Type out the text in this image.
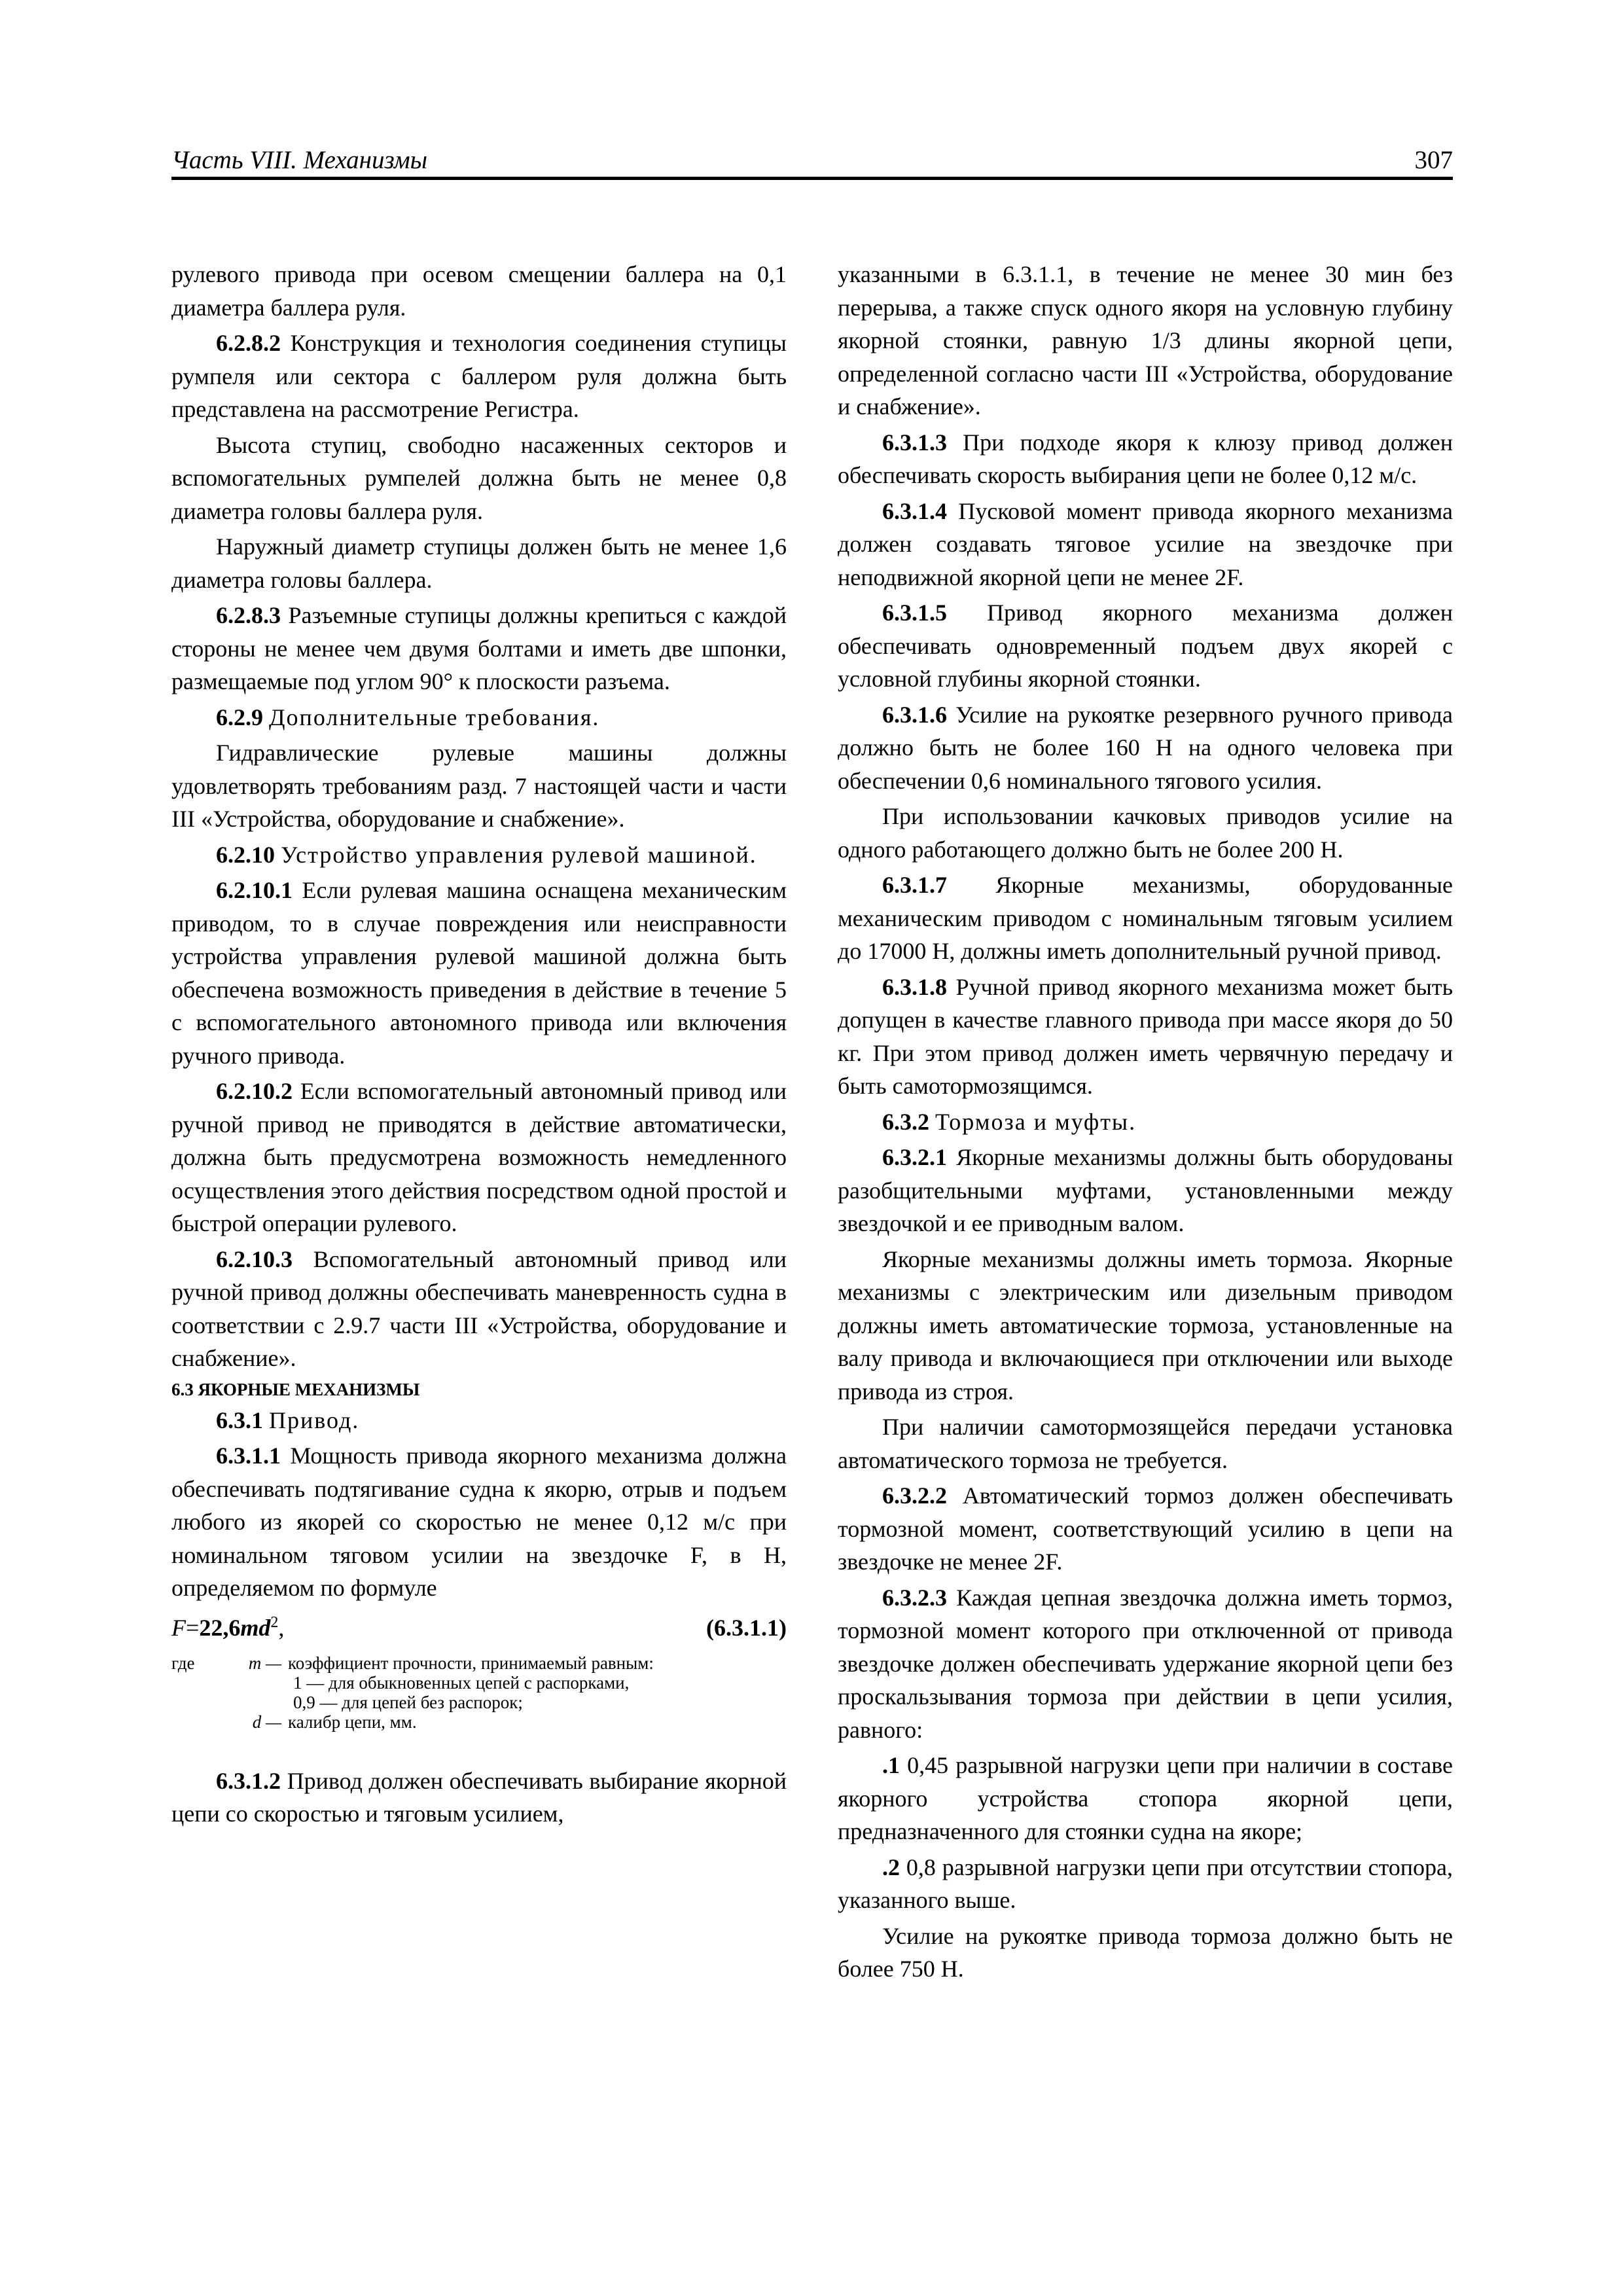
Часть VIII. Механизмы	307

рулевого привода при осевом смещении баллера на 0,1 диаметра баллера руля.

6.2.8.2 Конструкция и технология соединения ступицы румпеля или сектора с баллером руля должна быть представлена на рассмотрение Регистра.

Высота ступиц, свободно насаженных секторов и вспомогательных румпелей должна быть не менее 0,8 диаметра головы баллера руля.

Наружный диаметр ступицы должен быть не менее 1,6 диаметра головы баллера.

6.2.8.3 Разъемные ступицы должны крепиться с каждой стороны не менее чем двумя болтами и иметь две шпонки, размещаемые под углом 90° к плоскости разъема.

6.2.9 Дополнительные требования.

Гидравлические рулевые машины должны удовлетворять требованиям разд. 7 настоящей части и части III «Устройства, оборудование и снабжение».

6.2.10 Устройство управления рулевой машиной.

6.2.10.1 Если рулевая машина оснащена механическим приводом, то в случае повреждения или неисправности устройства управления рулевой машиной должна быть обеспечена возможность приведения в действие в течение 5 с вспомогательного автономного привода или включения ручного привода.

6.2.10.2 Если вспомогательный автономный привод или ручной привод не приводятся в действие автоматически, должна быть предусмотрена возможность немедленного осуществления этого действия посредством одной простой и быстрой операции рулевого.

6.2.10.3 Вспомогательный автономный привод или ручной привод должны обеспечивать маневренность судна в соответствии с 2.9.7 части III «Устройства, оборудование и снабжение».

6.3 ЯКОРНЫЕ МЕХАНИЗМЫ

6.3.1 Привод.

6.3.1.1 Мощность привода якорного механизма должна обеспечивать подтягивание судна к якорю, отрыв и подъем любого из якорей со скоростью не менее 0,12 м/с при номинальном тяговом усилии на звездочке F, в Н, определяемом по формуле

$F=22,6md^2$,	(6.3.1.1)
где	m — коэффициент прочности, принимаемый равным:
1 — для обыкновенных цепей с распорками,
0,9 — для цепей без распорок;
d — калибр цепи, мм.

6.3.1.2 Привод должен обеспечивать выбирание якорной цепи со скоростью и тяговым усилием,

указанными в 6.3.1.1, в течение не менее 30 мин без перерыва, а также спуск одного якоря на условную глубину якорной стоянки, равную 1/3 длины якорной цепи, определенной согласно части III «Устройства, оборудование и снабжение».

6.3.1.3 При подходе якоря к клюзу привод должен обеспечивать скорость выбирания цепи не более 0,12 м/с.

6.3.1.4 Пусковой момент привода якорного механизма должен создавать тяговое усилие на звездочке при неподвижной якорной цепи не менее 2F.

6.3.1.5 Привод якорного механизма должен обеспечивать одновременный подъем двух якорей с условной глубины якорной стоянки.

6.3.1.6 Усилие на рукоятке резервного ручного привода должно быть не более 160 Н на одного человека при обеспечении 0,6 номинального тягового усилия.

При использовании качковых приводов усилие на одного работающего должно быть не более 200 Н.

6.3.1.7 Якорные механизмы, оборудованные механическим приводом с номинальным тяговым усилием до 17000 Н, должны иметь дополнительный ручной привод.

6.3.1.8 Ручной привод якорного механизма может быть допущен в качестве главного привода при массе якоря до 50 кг. При этом привод должен иметь червячную передачу и быть самотормозящимся.

6.3.2 Тормоза и муфты.

6.3.2.1 Якорные механизмы должны быть оборудованы разобщительными муфтами, установленными между звездочкой и ее приводным валом.

Якорные механизмы должны иметь тормоза. Якорные механизмы с электрическим или дизельным приводом должны иметь автоматические тормоза, установленные на валу привода и включающиеся при отключении или выходе привода из строя.

При наличии самотормозящейся передачи установка автоматического тормоза не требуется.

6.3.2.2 Автоматический тормоз должен обеспечивать тормозной момент, соответствующий усилию в цепи на звездочке не менее 2F.

6.3.2.3 Каждая цепная звездочка должна иметь тормоз, тормозной момент которого при отключенной от привода звездочке должен обеспечивать удержание якорной цепи без проскальзывания тормоза при действии в цепи усилия, равного:

.1 0,45 разрывной нагрузки цепи при наличии в составе якорного устройства стопора якорной цепи, предназначенного для стоянки судна на якоре;

.2 0,8 разрывной нагрузки цепи при отсутствии стопора, указанного выше.

Усилие на рукоятке привода тормоза должно быть не более 750 Н.
